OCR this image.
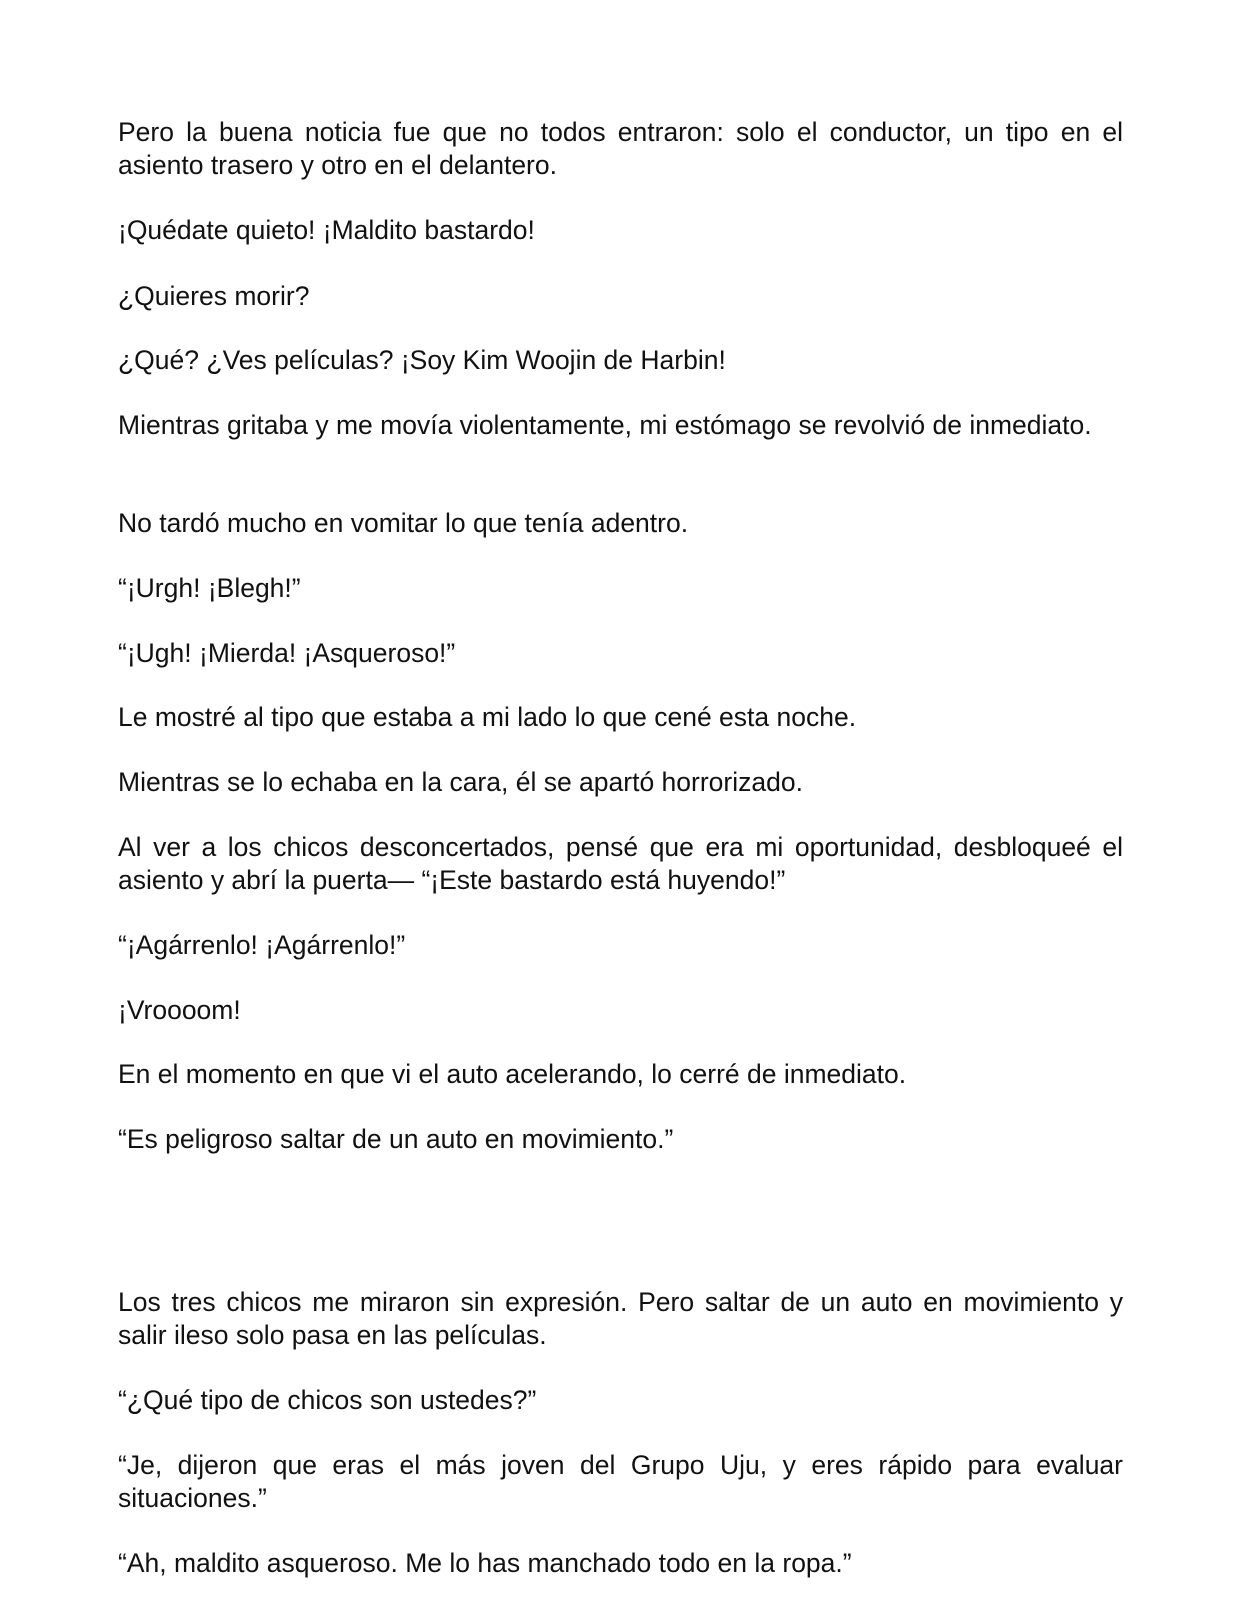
Pero la buena noticia fue que no todos entraron: solo el conductor, un tipo en el asiento trasero y otro en el delantero.

¡Quédate quieto! ¡Maldito bastardo!

¿Quieres morir?

¿Qué? ¿Ves películas? ¡Soy Kim Woojin de Harbin!

Mientras gritaba y me movía violentamente, mi estómago se revolvió de inmediato.

No tardó mucho en vomitar lo que tenía adentro.

“¡Urgh! ¡Blegh!”

“¡Ugh! ¡Mierda! ¡Asqueroso!”

Le mostré al tipo que estaba a mi lado lo que cené esta noche.

Mientras se lo echaba en la cara, él se apartó horrorizado.

Al ver a los chicos desconcertados, pensé que era mi oportunidad, desbloqueé el asiento y abrí la puerta— “¡Este bastardo está huyendo!”

“¡Agárrenlo! ¡Agárrenlo!”

¡Vroooom!

En el momento en que vi el auto acelerando, lo cerré de inmediato.

“Es peligroso saltar de un auto en movimiento.”

Los tres chicos me miraron sin expresión. Pero saltar de un auto en movimiento y salir ileso solo pasa en las películas.

“¿Qué tipo de chicos son ustedes?”

“Je, dijeron que eras el más joven del Grupo Uju, y eres rápido para evaluar situaciones.”

“Ah, maldito asqueroso. Me lo has manchado todo en la ropa.”
